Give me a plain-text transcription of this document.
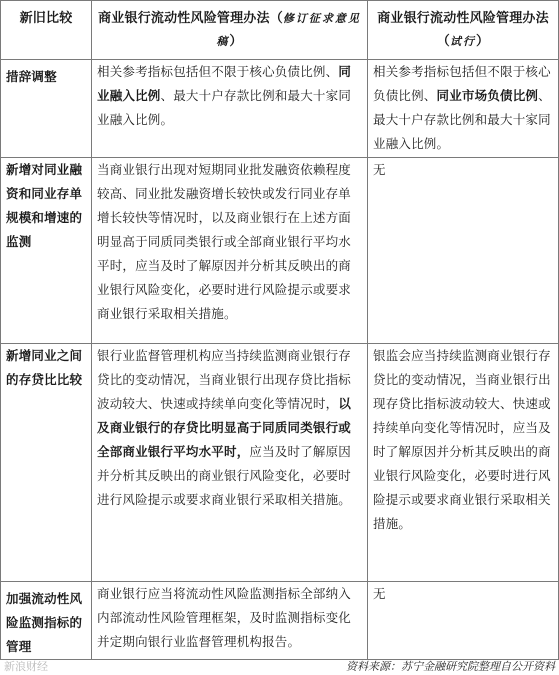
新旧比较	商业银行流动性风险管理办法（修订征求意见稿）	商业银行流动性风险管理办法（试行）
措辞调整	相关参考指标包括但不限于核心负债比例、同业融入比例、最大十户存款比例和最大十家同业融入比例。	相关参考指标包括但不限于核心负债比例、同业市场负债比例、最大十户存款比例和最大十家同业融入比例。
新增对同业融资和同业存单规模和增速的监测	当商业银行出现对短期同业批发融资依赖程度较高、同业批发融资增长较快或发行同业存单增长较快等情况时，以及商业银行在上述方面明显高于同质同类银行或全部商业银行平均水平时，应当及时了解原因并分析其反映出的商业银行风险变化，必要时进行风险提示或要求商业银行采取相关措施。	无
新增同业之间的存贷比比较	银行业监督管理机构应当持续监测商业银行存贷比的变动情况，当商业银行出现存贷比指标波动较大、快速或持续单向变化等情况时，以及商业银行的存贷比明显高于同质同类银行或全部商业银行平均水平时，应当及时了解原因并分析其反映出的商业银行风险变化，必要时进行风险提示或要求商业银行采取相关措施。	银监会应当持续监测商业银行存贷比的变动情况，当商业银行出现存贷比指标波动较大、快速或持续单向变化等情况时，应当及时了解原因并分析其反映出的商业银行风险变化，必要时进行风险提示或要求商业银行采取相关措施。
加强流动性风险监测指标的管理	商业银行应当将流动性风险监测指标全部纳入内部流动性风险管理框架，及时监测指标变化并定期向银行业监督管理机构报告。	无
新浪财经	资料来源：苏宁金融研究院整理自公开资料
